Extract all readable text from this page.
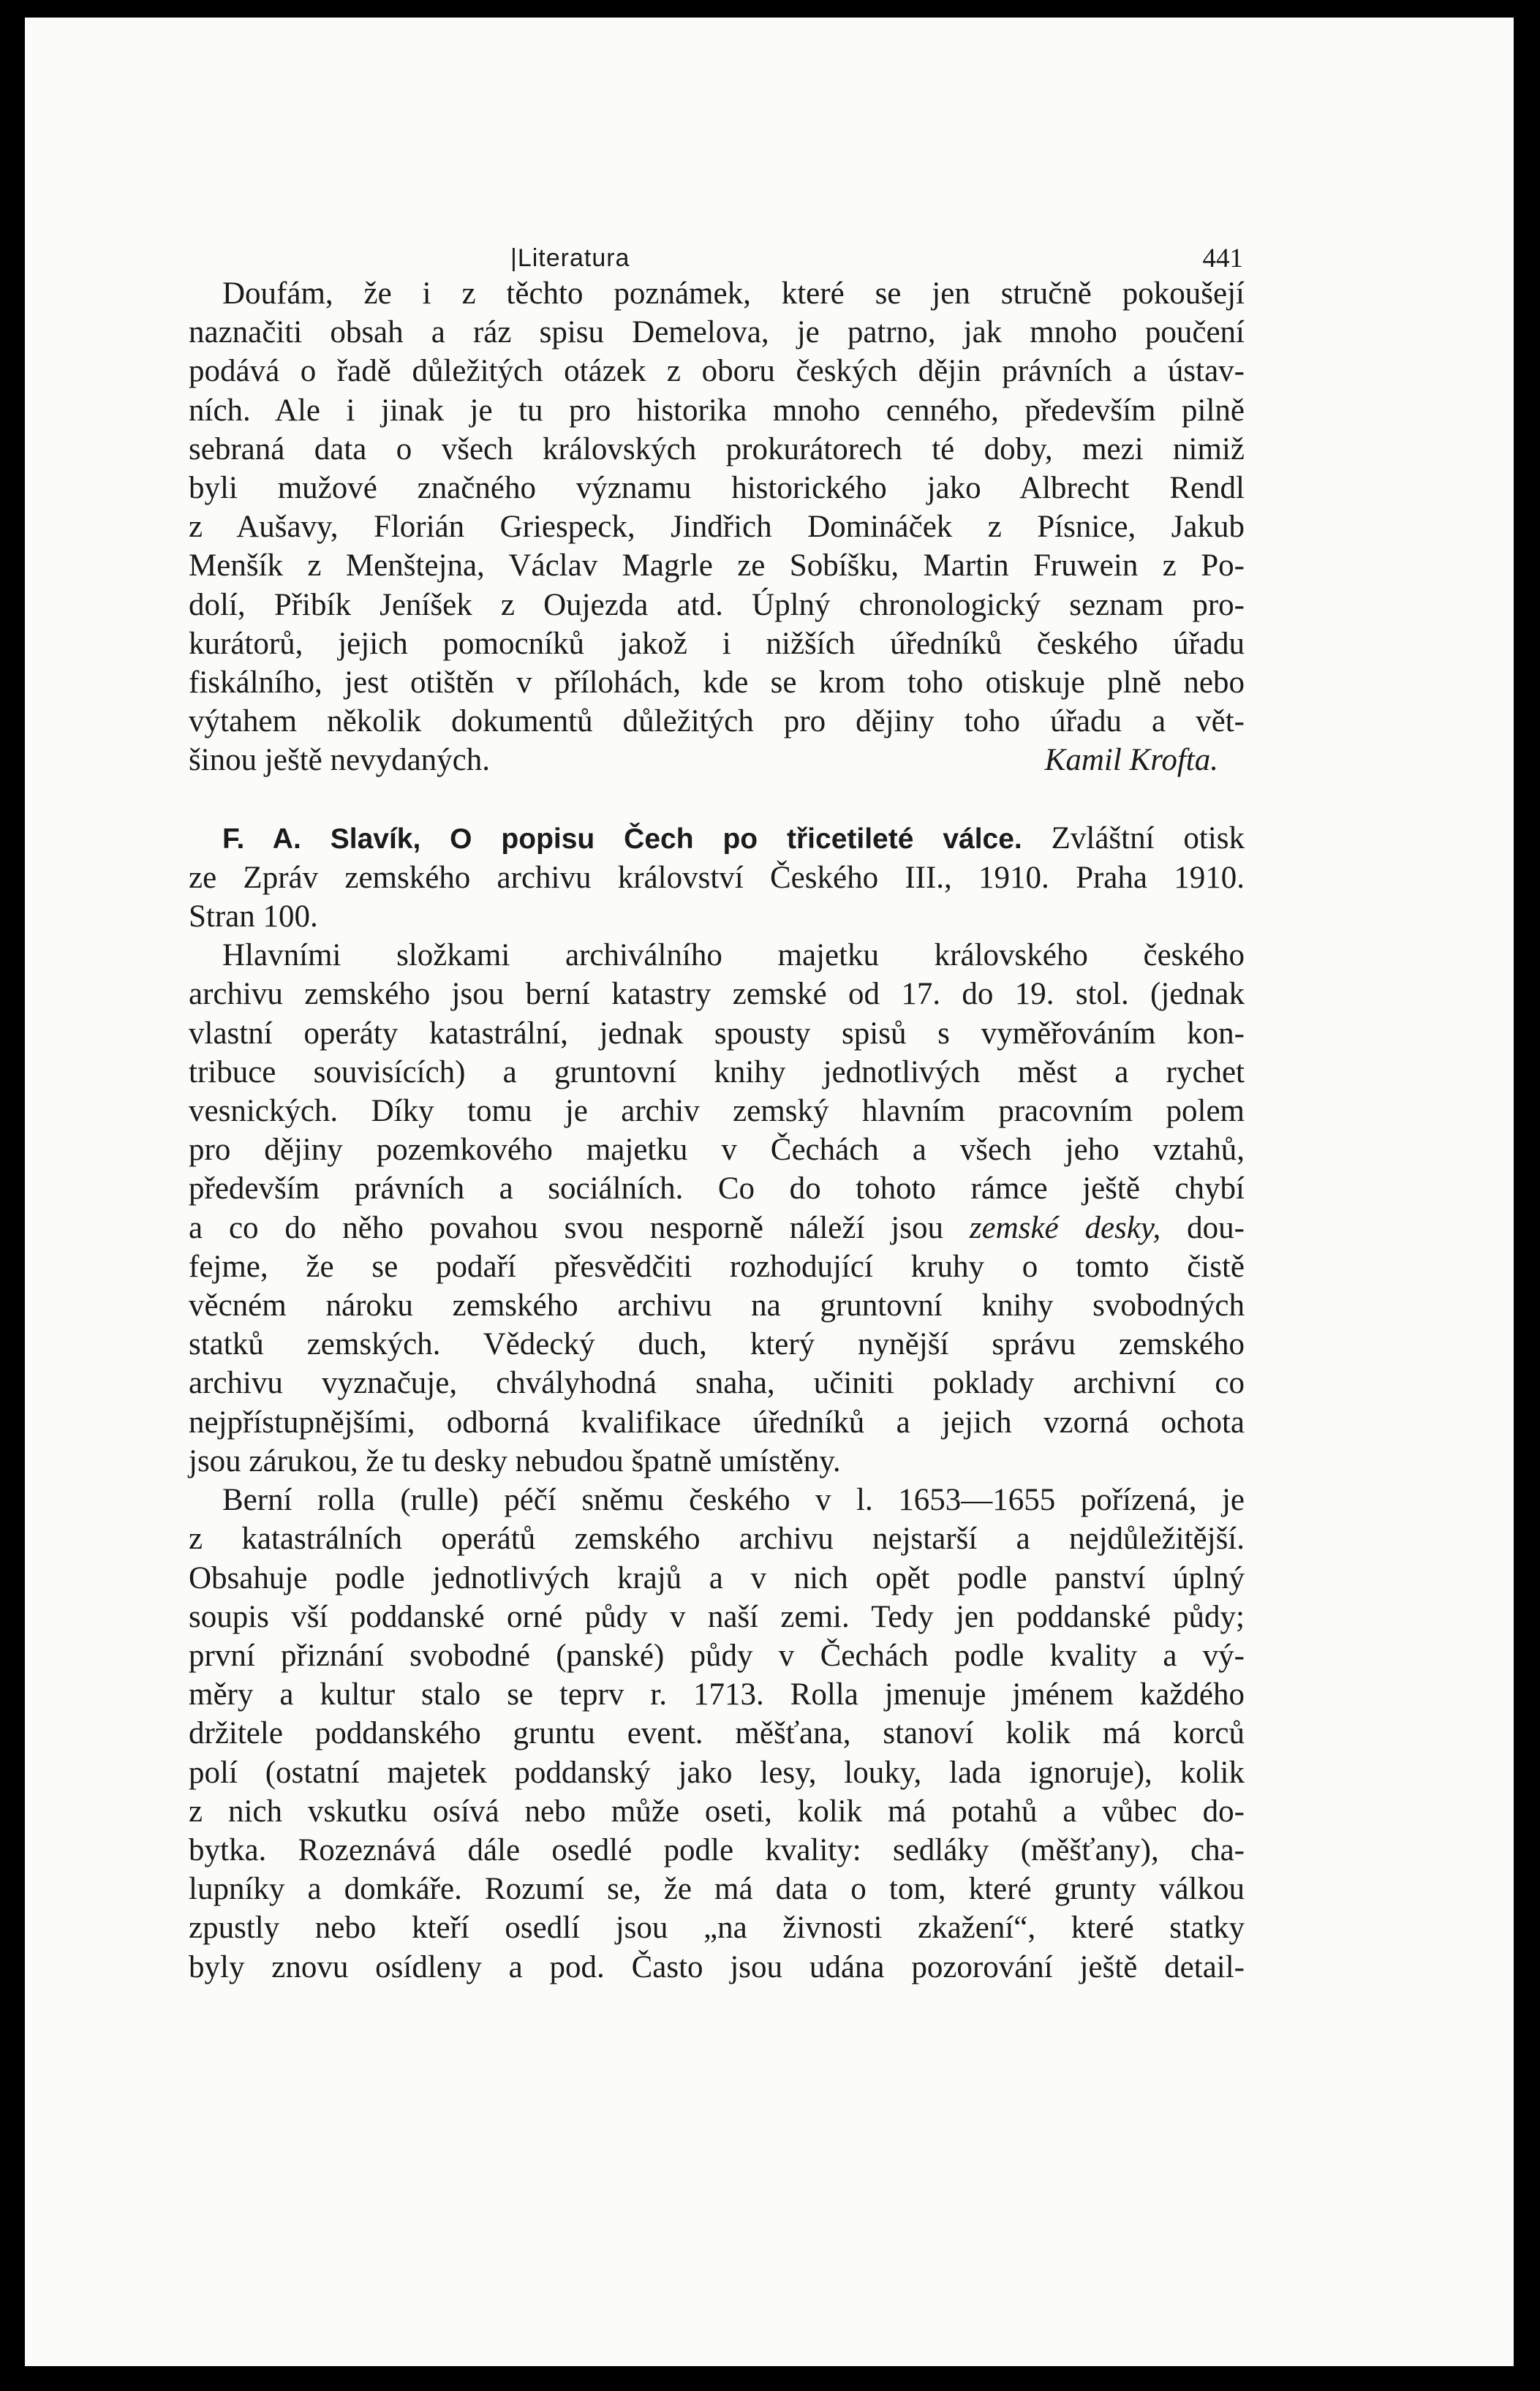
|Literatura	441
Doufám, že i z těchto poznámek, které se jen stručně pokoušejí
naznačiti obsah a ráz spisu Demelova, je patrno, jak mnoho poučení
podává o řadě důležitých otázek z oboru českých dějin právních a ústav-
ních. Ale i jinak je tu pro historika mnoho cenného, především pilně
sebraná data o všech královských prokurátorech té doby, mezi nimiž
byli mužové značného významu historického jako Albrecht Rendl
z Aušavy, Florián Griespeck, Jindřich Domináček z Písnice, Jakub
Menšík z Menštejna, Václav Magrle ze Sobíšku, Martin Fruwein z Po-
dolí, Přibík Jeníšek z Oujezda atd. Úplný chronologický seznam pro-
kurátorů, jejich pomocníků jakož i nižších úředníků českého úřadu
fiskálního, jest otištěn v přílohách, kde se krom toho otiskuje plně nebo
výtahem několik dokumentů důležitých pro dějiny toho úřadu a vět-
šinou ještě nevydaných.	Kamil Krofta.
F. A. Slavík, O popisu Čech po třicetileté válce. Zvláštní otisk
ze Zpráv zemského archivu království Českého III., 1910. Praha 1910.
Stran 100.
Hlavními složkami archiválního majetku královského českého
archivu zemského jsou berní katastry zemské od 17. do 19. stol. (jednak
vlastní operáty katastrální, jednak spousty spisů s vyměřováním kon-
tribuce souvisících) a gruntovní knihy jednotlivých měst a rychet
vesnických. Díky tomu je archiv zemský hlavním pracovním polem
pro dějiny pozemkového majetku v Čechách a všech jeho vztahů,
především právních a sociálních. Co do tohoto rámce ještě chybí
a co do něho povahou svou nesporně náleží jsou zemské desky, dou-
fejme, že se podaří přesvědčiti rozhodující kruhy o tomto čistě
věcném nároku zemského archivu na gruntovní knihy svobodných
statků zemských. Vědecký duch, který nynější správu zemského
archivu vyznačuje, chvályhodná snaha, učiniti poklady archivní co
nejpřístupnějšími, odborná kvalifikace úředníků a jejich vzorná ochota
jsou zárukou, že tu desky nebudou špatně umístěny.
Berní rolla (rulle) péčí sněmu českého v l. 1653—1655 pořízená, je
z katastrálních operátů zemského archivu nejstarší a nejdůležitější.
Obsahuje podle jednotlivých krajů a v nich opět podle panství úplný
soupis vší poddanské orné půdy v naší zemi. Tedy jen poddanské půdy;
první přiznání svobodné (panské) půdy v Čechách podle kvality a vý-
měry a kultur stalo se teprv r. 1713. Rolla jmenuje jménem každého
držitele poddanského gruntu event. měšťana, stanoví kolik má korců
polí (ostatní majetek poddanský jako lesy, louky, lada ignoruje), kolik
z nich vskutku osívá nebo může oseti, kolik má potahů a vůbec do-
bytka. Rozeznává dále osedlé podle kvality: sedláky (měšťany), cha-
lupníky a domkáře. Rozumí se, že má data o tom, které grunty válkou
zpustly nebo kteří osedlí jsou „na živnosti zkažení“, které statky
byly znovu osídleny a pod. Často jsou udána pozorování ještě detail-
